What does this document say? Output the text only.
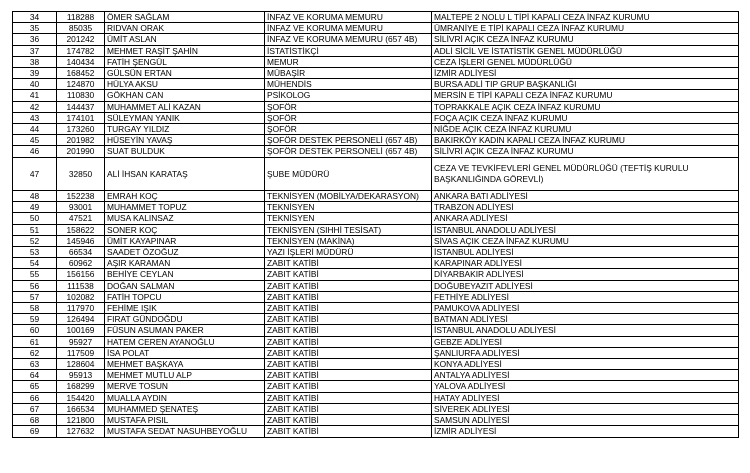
34	118288	ÖMER SAĞLAM	İNFAZ VE KORUMA MEMURU	MALTEPE 2 NOLU L TİPİ KAPALI CEZA İNFAZ KURUMU
35	85035	RIDVAN ORAK	İNFAZ VE KORUMA MEMURU	ÜMRANİYE E TİPİ KAPALI CEZA İNFAZ KURUMU
36	201242	ÜMİT ASLAN	İNFAZ VE KORUMA MEMURU (657 4B)	SİLİVRİ AÇIK CEZA İNFAZ KURUMU
37	174782	MEHMET RAŞİT ŞAHİN	İSTATİSTİKÇİ	ADLİ SİCİL VE İSTATİSTİK GENEL MÜDÜRLÜĞÜ
38	140434	FATİH ŞENGÜL	MEMUR	CEZA İŞLERİ GENEL MÜDÜRLÜĞÜ
39	168452	GÜLSÜN ERTAN	MÜBAŞİR	İZMİR ADLİYESİ
40	124870	HÜLYA AKSU	MÜHENDİS	BURSA ADLİ TIP GRUP BAŞKANLIĞI
41	110830	GÖKHAN CAN	PSİKOLOG	MERSİN E TİPİ KAPALI CEZA İNFAZ KURUMU
42	144437	MUHAMMET ALİ KAZAN	ŞOFÖR	TOPRAKKALE AÇIK CEZA İNFAZ KURUMU
43	174101	SÜLEYMAN YANIK	ŞOFÖR	FOÇA AÇIK CEZA İNFAZ KURUMU
44	173260	TURGAY YILDIZ	ŞOFÖR	NİĞDE AÇIK CEZA İNFAZ KURUMU
45	201982	HÜSEYİN YAVAŞ	ŞOFÖR DESTEK PERSONELİ (657 4B)	BAKIRKÖY KADIN KAPALI CEZA İNFAZ KURUMU
46	201990	SUAT BULDUK	ŞOFÖR DESTEK PERSONELİ (657 4B)	SİLİVRİ AÇIK CEZA İNFAZ KURUMU
47	32850	ALİ İHSAN KARATAŞ	ŞUBE MÜDÜRÜ	CEZA VE TEVKİFEVLERİ GENEL MÜDÜRLÜĞÜ (TEFTİŞ KURULU BAŞKANLIĞINDA GÖREVLİ)
48	152238	EMRAH KOÇ	TEKNİSYEN (MOBİLYA/DEKARASYON)	ANKARA BATI ADLİYESİ
49	93001	MUHAMMET TOPUZ	TEKNİSYEN	TRABZON ADLİYESİ
50	47521	MUSA KALINSAZ	TEKNİSYEN	ANKARA ADLİYESİ
51	158622	SONER KOÇ	TEKNİSYEN (SIHHİ TESİSAT)	İSTANBUL ANADOLU ADLİYESİ
52	145946	ÜMİT KAYAPINAR	TEKNİSYEN (MAKİNA)	SİVAS AÇIK CEZA İNFAZ KURUMU
53	66534	SAADET ÖZOĞUZ	YAZI İŞLERİ MÜDÜRÜ	İSTANBUL ADLİYESİ
54	60962	AŞIR KARAMAN	ZABIT KATİBİ	KARAPINAR ADLİYESİ
55	156156	BEHİYE CEYLAN	ZABIT KATİBİ	DİYARBAKIR ADLİYESİ
56	111538	DOĞAN SALMAN	ZABIT KATİBİ	DOĞUBEYAZIT ADLİYESİ
57	102082	FATİH TOPCU	ZABIT KATİBİ	FETHİYE ADLİYESİ
58	117970	FEHİME IŞIK	ZABIT KATİBİ	PAMUKOVA ADLİYESİ
59	126494	FIRAT GÜNDOĞDU	ZABIT KATİBİ	BATMAN ADLİYESİ
60	100169	FÜSUN ASUMAN PAKER	ZABIT KATİBİ	İSTANBUL ANADOLU ADLİYESİ
61	95927	HATEM CEREN AYANOĞLU	ZABIT KATİBİ	GEBZE ADLİYESİ
62	117509	İSA POLAT	ZABIT KATİBİ	ŞANLIURFA ADLİYESİ
63	128604	MEHMET BAŞKAYA	ZABIT KATİBİ	KONYA ADLİYESİ
64	95913	MEHMET MUTLU ALP	ZABIT KATİBİ	ANTALYA ADLİYESİ
65	168299	MERVE TOSUN	ZABIT KATİBİ	YALOVA ADLİYESİ
66	154420	MUALLA AYDIN	ZABIT KATİBİ	HATAY ADLİYESİ
67	166534	MUHAMMED ŞENATEŞ	ZABIT KATİBİ	SİVEREK ADLİYESİ
68	121800	MUSTAFA PISIL	ZABIT KATİBİ	SAMSUN ADLİYESİ
69	127632	MUSTAFA SEDAT NASUHBEYOĞLU	ZABIT KATİBİ	İZMİR ADLİYESİ
